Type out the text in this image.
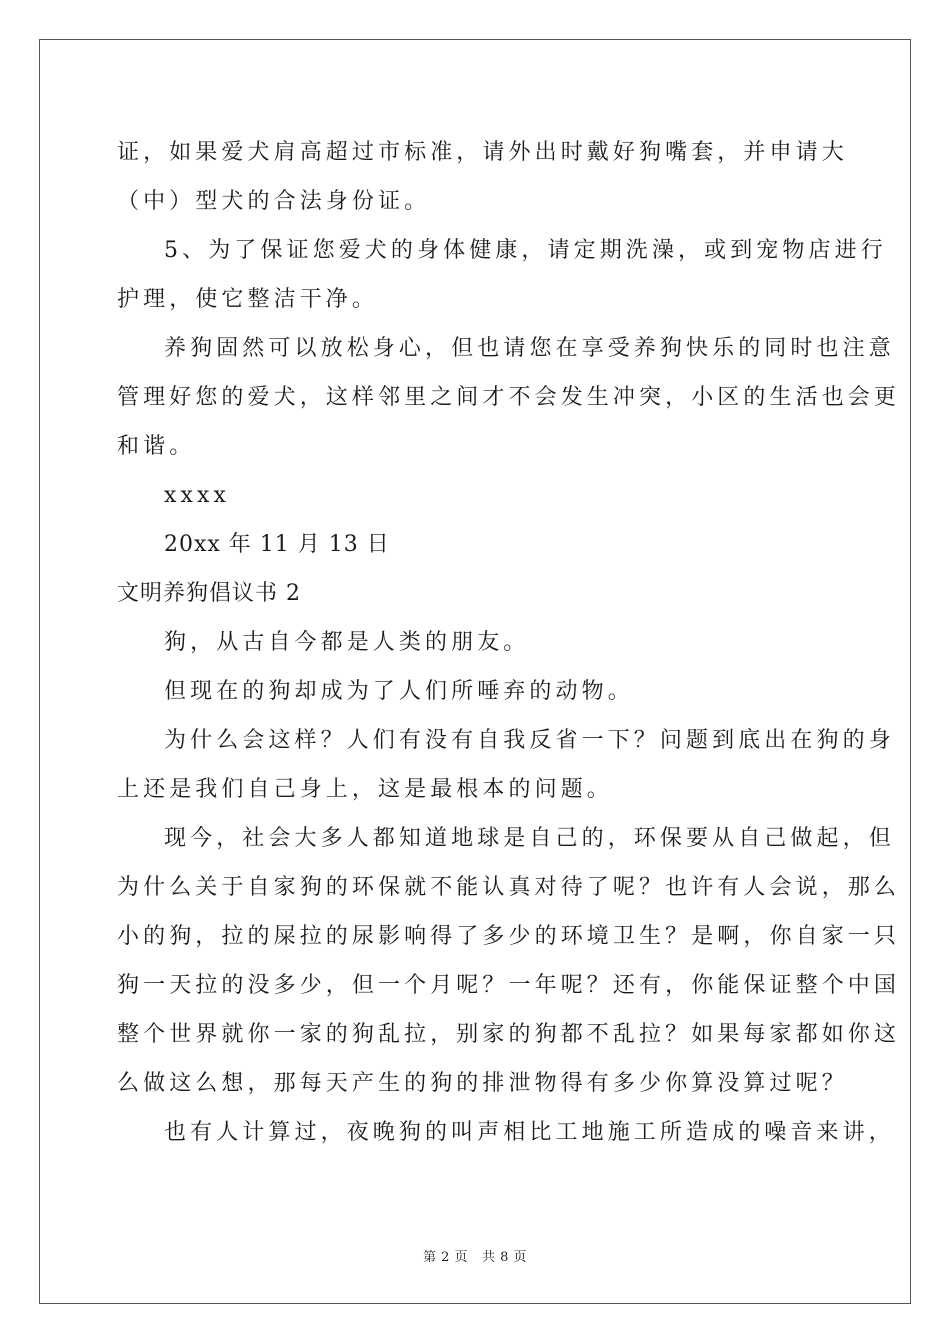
证，如果爱犬肩高超过市标准，请外出时戴好狗嘴套，并申请大
（中）型犬的合法身份证。
5、为了保证您爱犬的身体健康，请定期洗澡，或到宠物店进行
护理，使它整洁干净。
养狗固然可以放松身心，但也请您在享受养狗快乐的同时也注意
管理好您的爱犬，这样邻里之间才不会发生冲突，小区的生活也会更
和谐。
xxxx
20xx 年 11 月 13 日
文明养狗倡议书 2
狗，从古自今都是人类的朋友。
但现在的狗却成为了人们所唾弃的动物。
为什么会这样？人们有没有自我反省一下？问题到底出在狗的身
上还是我们自己身上，这是最根本的问题。
现今，社会大多人都知道地球是自己的，环保要从自己做起，但
为什么关于自家狗的环保就不能认真对待了呢？也许有人会说，那么
小的狗，拉的屎拉的尿影响得了多少的环境卫生？是啊，你自家一只
狗一天拉的没多少，但一个月呢？一年呢？还有，你能保证整个中国
整个世界就你一家的狗乱拉，别家的狗都不乱拉？如果每家都如你这
么做这么想，那每天产生的狗的排泄物得有多少你算没算过呢？
也有人计算过，夜晚狗的叫声相比工地施工所造成的噪音来讲，
第 2 页 共 8 页
